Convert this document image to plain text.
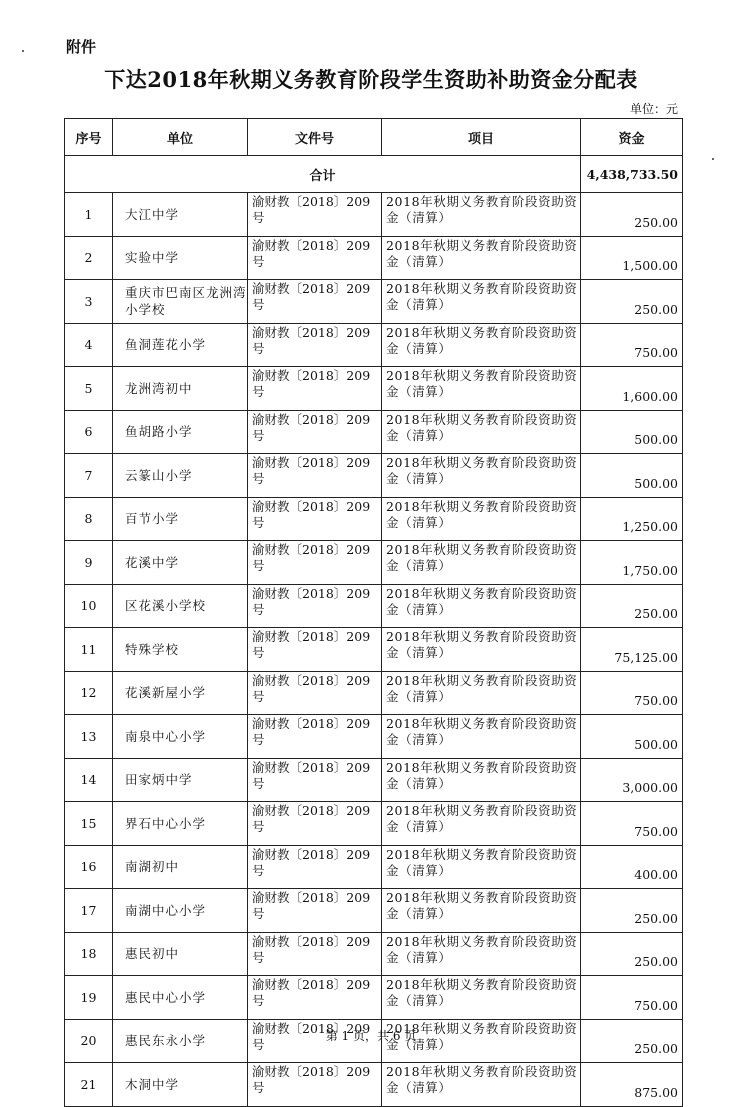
附件
下达2018年秋期义务教育阶段学生资助补助资金分配表
单位：元
序号	单位	文件号	项目	资金
合计				4,438,733.50
1	大江中学	渝财教〔2018〕209号	2018年秋期义务教育阶段资助资金（清算）	250.00
2	实验中学	渝财教〔2018〕209号	2018年秋期义务教育阶段资助资金（清算）	1,500.00
3	重庆市巴南区龙洲湾小学校	渝财教〔2018〕209号	2018年秋期义务教育阶段资助资金（清算）	250.00
4	鱼洞莲花小学	渝财教〔2018〕209号	2018年秋期义务教育阶段资助资金（清算）	750.00
5	龙洲湾初中	渝财教〔2018〕209号	2018年秋期义务教育阶段资助资金（清算）	1,600.00
6	鱼胡路小学	渝财教〔2018〕209号	2018年秋期义务教育阶段资助资金（清算）	500.00
7	云篆山小学	渝财教〔2018〕209号	2018年秋期义务教育阶段资助资金（清算）	500.00
8	百节小学	渝财教〔2018〕209号	2018年秋期义务教育阶段资助资金（清算）	1,250.00
9	花溪中学	渝财教〔2018〕209号	2018年秋期义务教育阶段资助资金（清算）	1,750.00
10	区花溪小学校	渝财教〔2018〕209号	2018年秋期义务教育阶段资助资金（清算）	250.00
11	特殊学校	渝财教〔2018〕209号	2018年秋期义务教育阶段资助资金（清算）	75,125.00
12	花溪新屋小学	渝财教〔2018〕209号	2018年秋期义务教育阶段资助资金（清算）	750.00
13	南泉中心小学	渝财教〔2018〕209号	2018年秋期义务教育阶段资助资金（清算）	500.00
14	田家炳中学	渝财教〔2018〕209号	2018年秋期义务教育阶段资助资金（清算）	3,000.00
15	界石中心小学	渝财教〔2018〕209号	2018年秋期义务教育阶段资助资金（清算）	750.00
16	南湖初中	渝财教〔2018〕209号	2018年秋期义务教育阶段资助资金（清算）	400.00
17	南湖中心小学	渝财教〔2018〕209号	2018年秋期义务教育阶段资助资金（清算）	250.00
18	惠民初中	渝财教〔2018〕209号	2018年秋期义务教育阶段资助资金（清算）	250.00
19	惠民中心小学	渝财教〔2018〕209号	2018年秋期义务教育阶段资助资金（清算）	750.00
20	惠民东永小学	渝财教〔2018〕209号	2018年秋期义务教育阶段资助资金（清算）	250.00
21	木洞中学	渝财教〔2018〕209号	2018年秋期义务教育阶段资助资金（清算）	875.00
第 1 页，共 6 页
